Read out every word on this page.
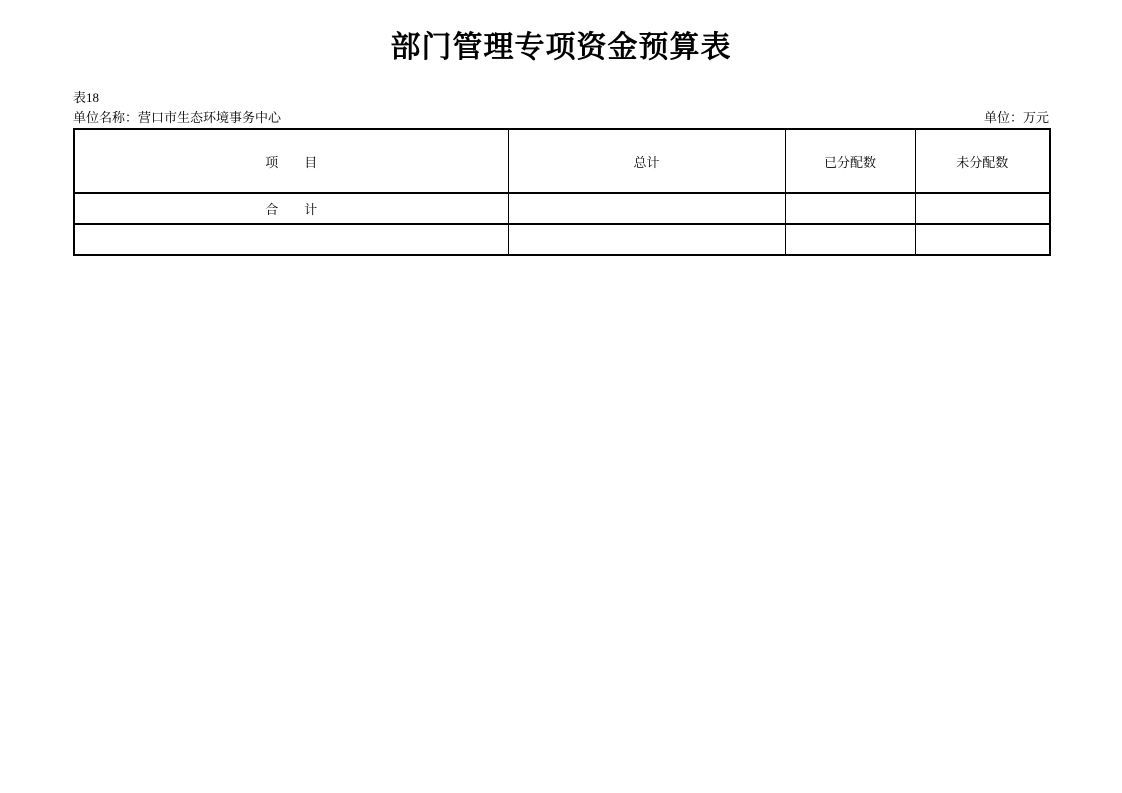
部门管理专项资金预算表
表18
单位名称：营口市生态环境事务中心	单位：万元
项　　目	总计	已分配数	未分配数
合　　计			
